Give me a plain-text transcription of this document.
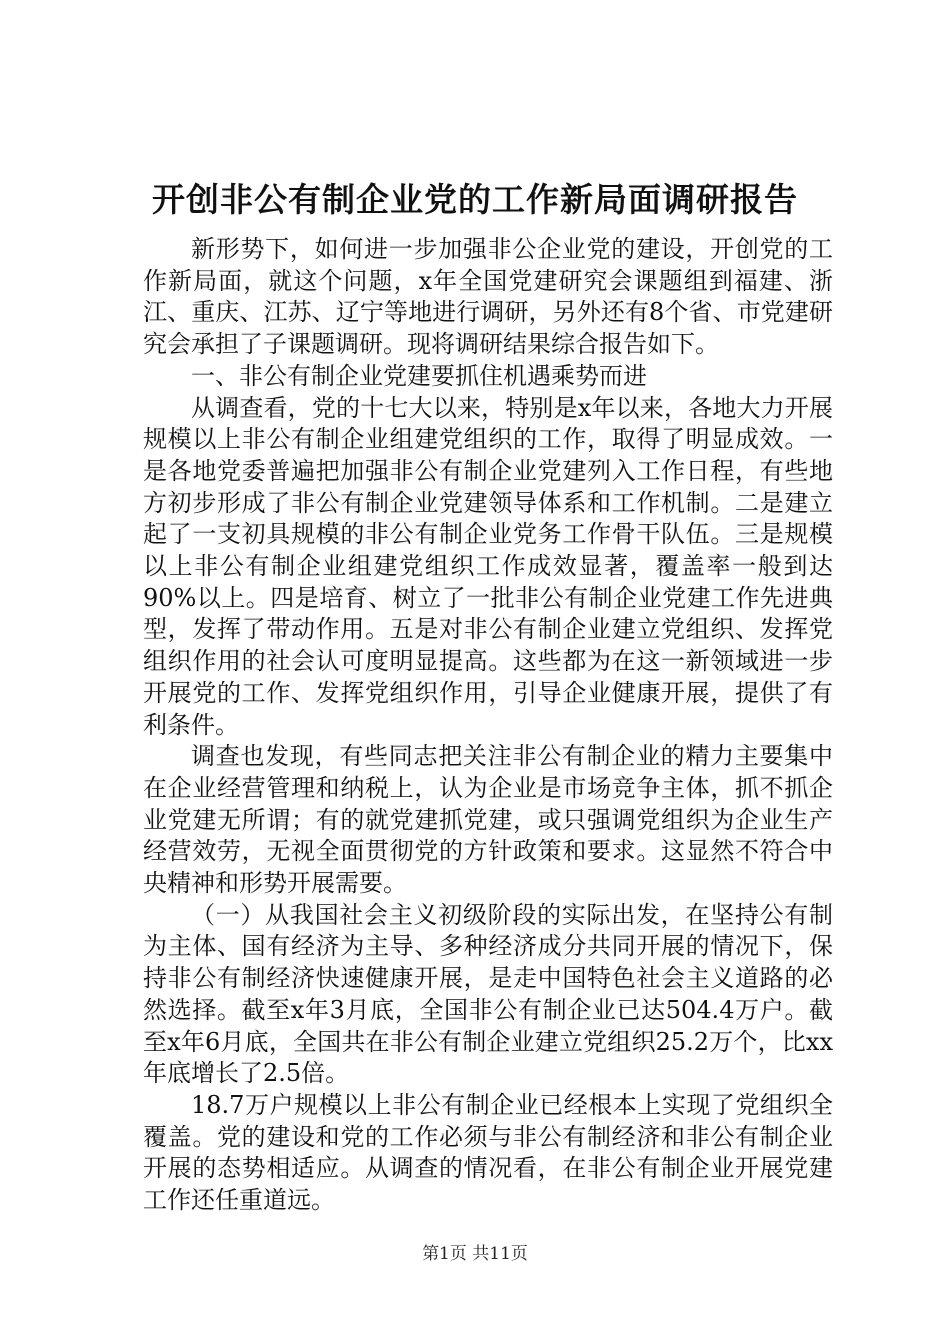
开创非公有制企业党的工作新局面调研报告

新形势下，如何进一步加强非公企业党的建设，开创党的工作新局面，就这个问题，x年全国党建研究会课题组到福建、浙江、重庆、江苏、辽宁等地进行调研，另外还有8个省、市党建研究会承担了子课题调研。现将调研结果综合报告如下。

一、非公有制企业党建要抓住机遇乘势而进

从调查看，党的十七大以来，特别是x年以来，各地大力开展规模以上非公有制企业组建党组织的工作，取得了明显成效。一是各地党委普遍把加强非公有制企业党建列入工作日程，有些地方初步形成了非公有制企业党建领导体系和工作机制。二是建立起了一支初具规模的非公有制企业党务工作骨干队伍。三是规模以上非公有制企业组建党组织工作成效显著，覆盖率一般到达90%以上。四是培育、树立了一批非公有制企业党建工作先进典型，发挥了带动作用。五是对非公有制企业建立党组织、发挥党组织作用的社会认可度明显提高。这些都为在这一新领域进一步开展党的工作、发挥党组织作用，引导企业健康开展，提供了有利条件。

调查也发现，有些同志把关注非公有制企业的精力主要集中在企业经营管理和纳税上，认为企业是市场竞争主体，抓不抓企业党建无所谓；有的就党建抓党建，或只强调党组织为企业生产经营效劳，无视全面贯彻党的方针政策和要求。这显然不符合中央精神和形势开展需要。

（一）从我国社会主义初级阶段的实际出发，在坚持公有制为主体、国有经济为主导、多种经济成分共同开展的情况下，保持非公有制经济快速健康开展，是走中国特色社会主义道路的必然选择。截至x年3月底，全国非公有制企业已达504.4万户。截至x年6月底，全国共在非公有制企业建立党组织25.2万个，比xx年底增长了2.5倍。

18.7万户规模以上非公有制企业已经根本上实现了党组织全覆盖。党的建设和党的工作必须与非公有制经济和非公有制企业开展的态势相适应。从调查的情况看，在非公有制企业开展党建工作还任重道远。

第1页 共11页
